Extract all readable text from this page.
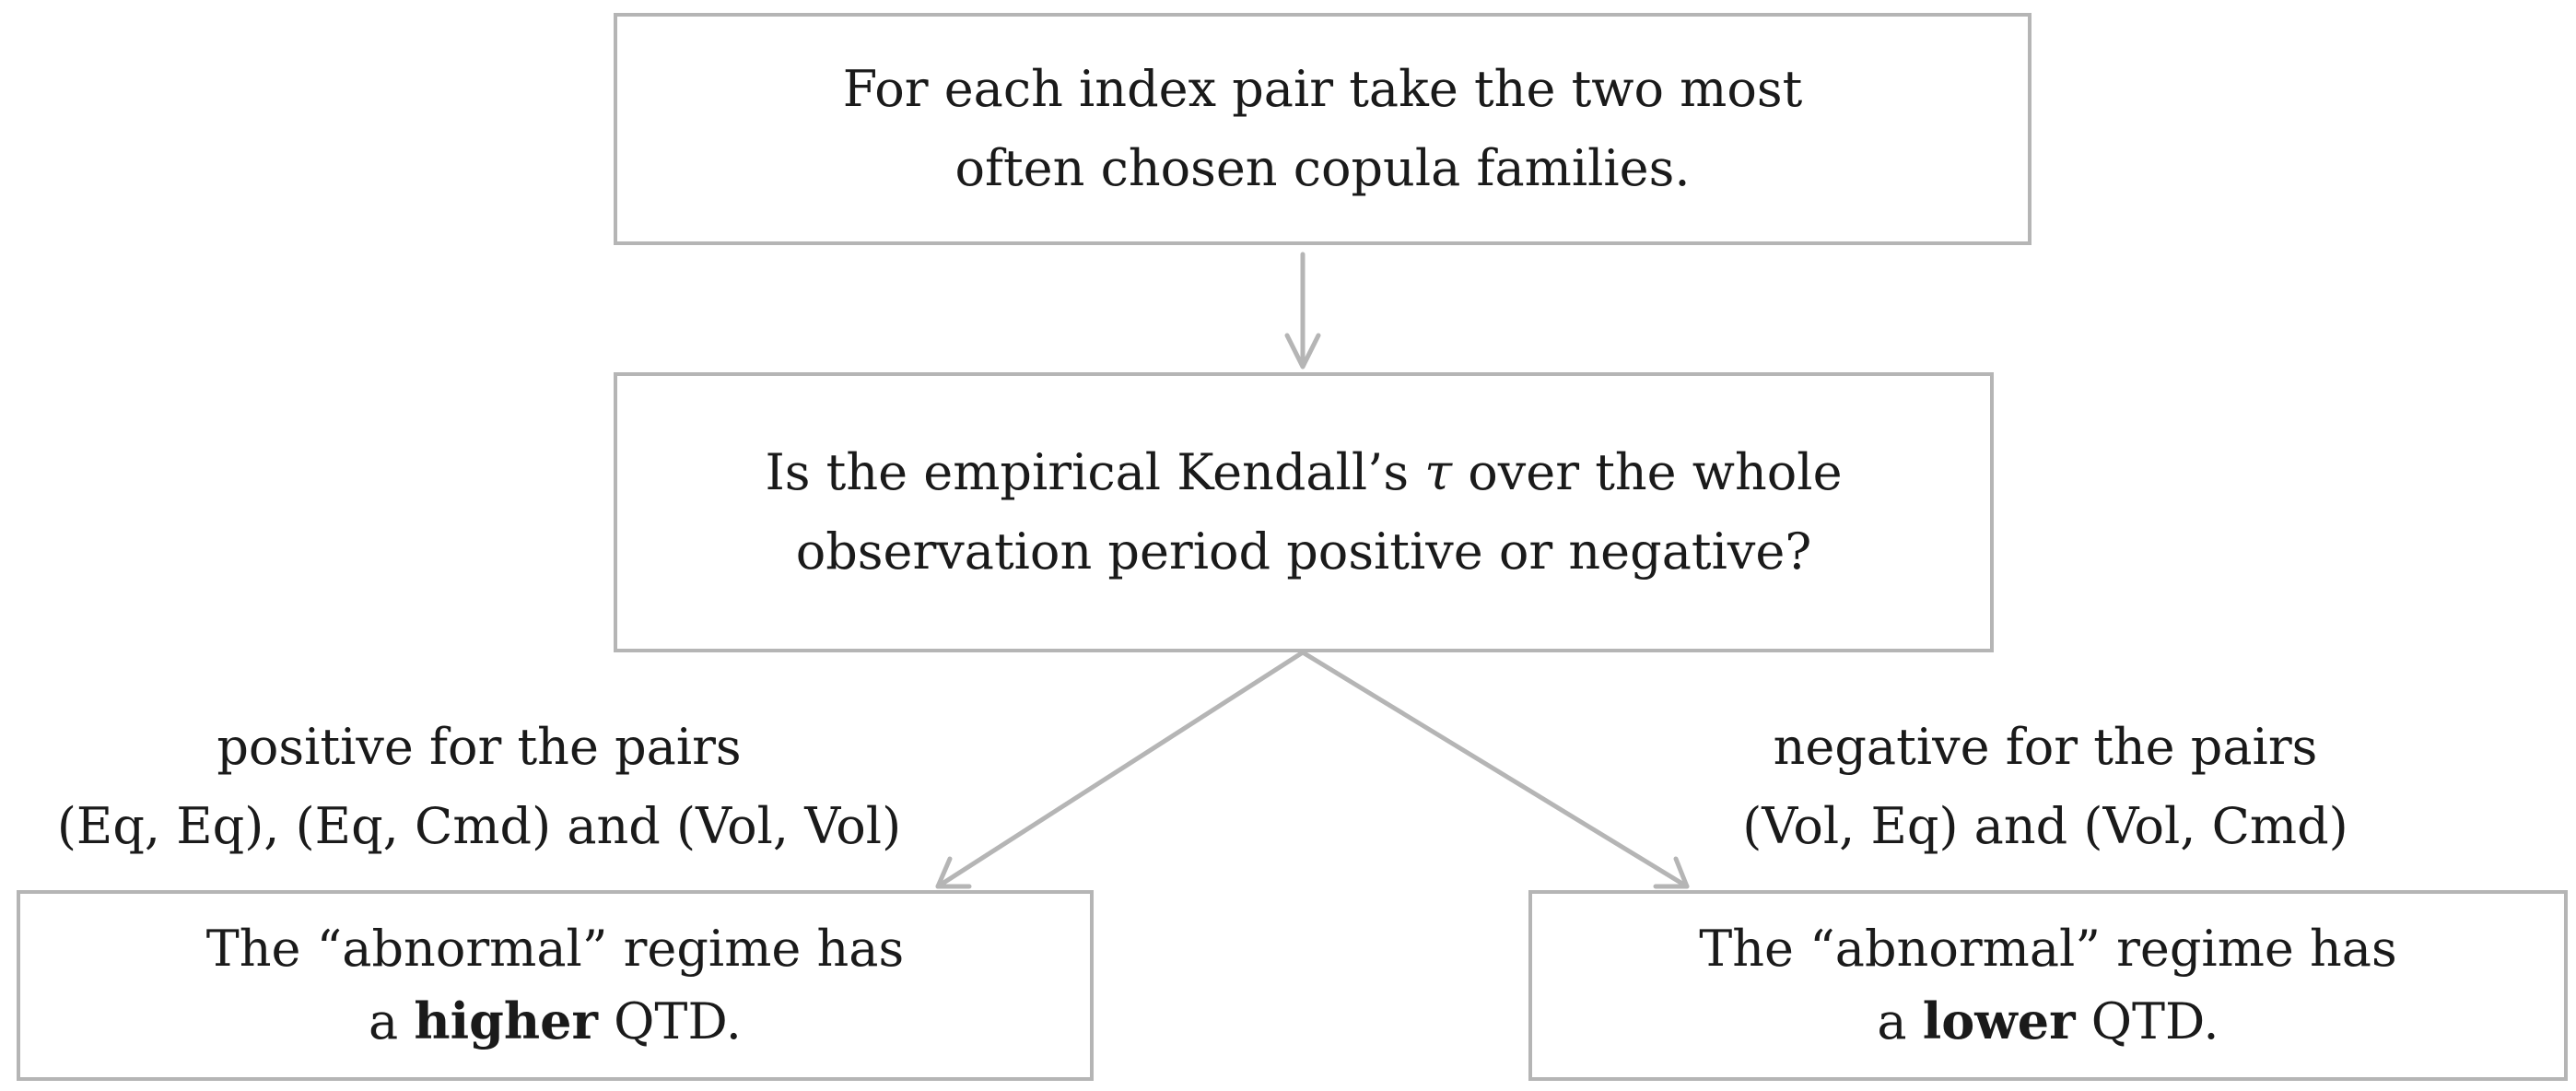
For each index pair take the two most
often chosen copula families.
Is the empirical Kendall’s τ over the whole
observation period positive or negative?
positive for the pairs
(Eq, Eq), (Eq, Cmd) and (Vol, Vol)
negative for the pairs
(Vol, Eq) and (Vol, Cmd)
The “abnormal” regime has
a higher QTD.
The “abnormal” regime has
a lower QTD.
